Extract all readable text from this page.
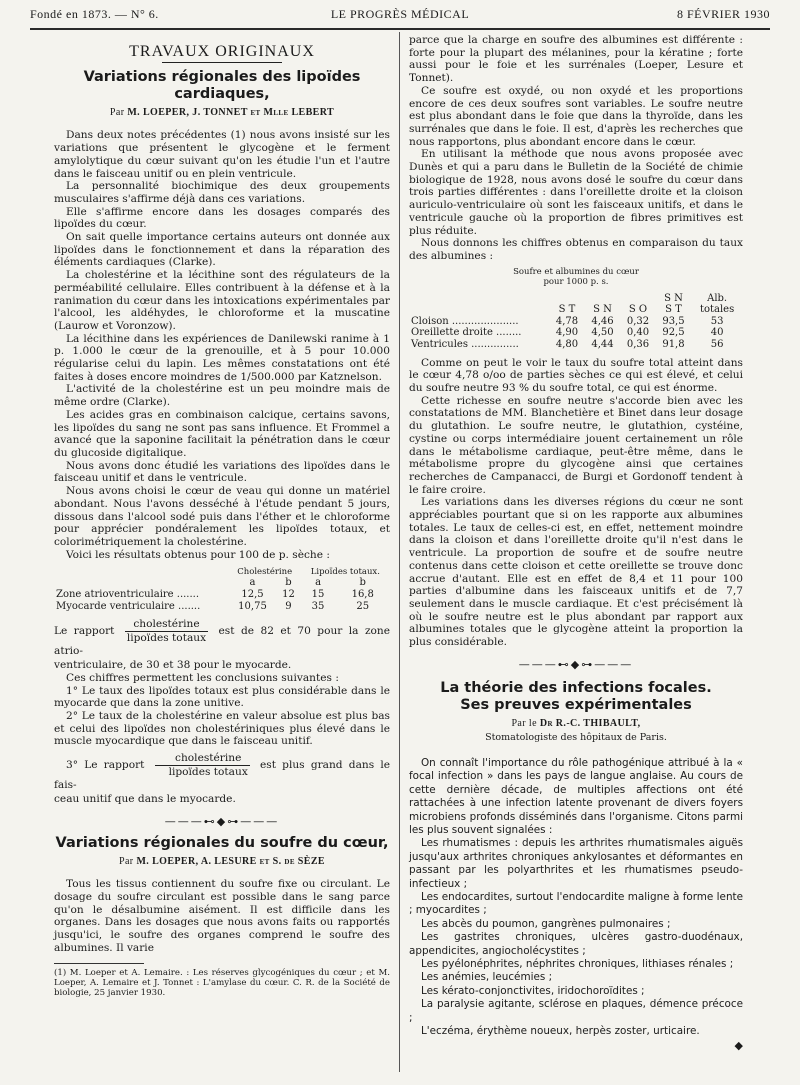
Fondé en 1873. — N° 6.	LE PROGRÈS MÉDICAL	8 FÉVRIER 1930
TRAVAUX ORIGINAUX
Variations régionales des lipoïdes cardiaques,
Par M. LOEPER, J. TONNET et Mlle LEBERT

Dans deux notes précédentes (1) nous avons insisté sur les variations que présentent le glycogène et le ferment amylolytique du cœur suivant qu'on les étudie l'un et l'autre dans le faisceau unitif ou en plein ventricule.

La personnalité biochimique des deux groupements musculaires s'affirme déjà dans ces variations.

Elle s'affirme encore dans les dosages comparés des lipoïdes du cœur.

On sait quelle importance certains auteurs ont donnée aux lipoïdes dans le fonctionnement et dans la réparation des éléments cardiaques (Clarke).

La cholestérine et la lécithine sont des régulateurs de la perméabilité cellulaire. Elles contribuent à la défense et à la ranimation du cœur dans les intoxications expérimentales par l'alcool, les aldéhydes, le chloroforme et la muscatine (Laurow et Voronzow).

La lécithine dans les expériences de Danilewski ranime à 1 p. 1.000 le cœur de la grenouille, et à 5 pour 10.000 régularise celui du lapin. Les mêmes constatations ont été faites à doses encore moindres de 1/500.000 par Katznelson.

L'activité de la cholestérine est un peu moindre mais de même ordre (Clarke).

Les acides gras en combinaison calcique, certains savons, les lipoïdes du sang ne sont pas sans influence. Et Frommel a avancé que la saponine facilitait la pénétration dans le cœur du glucoside digitalique.

Nous avons donc étudié les variations des lipoïdes dans le faisceau unitif et dans le ventricule.

Nous avons choisi le cœur de veau qui donne un matériel abondant. Nous l'avons desséché à l'étude pendant 5 jours, dissous dans l'alcool sodé puis dans l'éther et le chloroforme pour apprécier pondéralement les lipoïdes totaux, et colorimétriquement la cholestérine.

Voici les résultats obtenus pour 100 de p. sèche :

	Cholestérine		Lipoïdes totaux.	
	a	b	a	b
Zone atrioventriculaire .......	12,5	12	15	16,8
Myocarde ventriculaire .......	10,75	9	35	25

Le rapport $\frac{\text{cholestérine}}{\text{lipoïdes totaux}}$ est de 82 et 70 pour la zone atrio-

ventriculaire, de 30 et 38 pour le myocarde.

Ces chiffres permettent les conclusions suivantes :

1° Le taux des lipoïdes totaux est plus considérable dans le myocarde que dans la zone unitive.

2° Le taux de la cholestérine en valeur absolue est plus bas et celui des lipoïdes non cholestériniques plus élevé dans le muscle myocardique que dans le faisceau unitif.

3° Le rapport $\frac{\text{cholestérine}}{\text{lipoïdes totaux}}$ est plus grand dans le fais-

ceau unitif que dans le myocarde.

———⊷◆⊶———
Variations régionales du soufre du cœur,
Par M. LOEPER, A. LESURE et S. de SÈZE

Tous les tissus contiennent du soufre fixe ou circulant. Le dosage du soufre circulant est possible dans le sang parce qu'on le désalbumine aisément. Il est difficile dans les organes. Dans les dosages que nous avons faits ou rapportés jusqu'ici, le soufre des organes comprend le soufre des albumines. Il varie

(1) M. Loeper et A. Lemaire. : Les réserves glycogéniques du cœur ; et M. Loeper, A. Lemaire et J. Tonnet : L'amylase du cœur. C. R. de la Société de biologie, 25 janvier 1930.

parce que la charge en soufre des albumines est différente : forte pour la plupart des mélanines, pour la kératine ; forte aussi pour le foie et les surrénales (Loeper, Lesure et Tonnet).

Ce soufre est oxydé, ou non oxydé et les proportions encore de ces deux soufres sont variables. Le soufre neutre est plus abondant dans le foie que dans la thyroïde, dans les surrénales que dans le foie. Il est, d'après les recherches que nous rapportons, plus abondant encore dans le cœur.

En utilisant la méthode que nous avons proposée avec Dunès et qui a paru dans le Bulletin de la Société de chimie biologique de 1928, nous avons dosé le soufre du cœur dans trois parties différentes : dans l'oreillette droite et la cloison auriculo-ventriculaire où sont les faisceaux unitifs, et dans le ventricule gauche où la proportion de fibres primitives est plus réduite.

Nous donnons les chiffres obtenus en comparaison du taux des albumines :

Soufre et albumines du cœur
pour 1000 p. s.
				S N	Alb.
	S T	S N	S O	S T	totales
Cloison .....................	4,78	4,46	0,32	93,5	53
Oreillette droite ........	4,90	4,50	0,40	92,5	40
Ventricules ...............	4,80	4,44	0,36	91,8	56

Comme on peut le voir le taux du soufre total atteint dans le cœur 4,78 o/oo de parties sèches ce qui est élevé, et celui du soufre neutre 93 % du soufre total, ce qui est énorme.

Cette richesse en soufre neutre s'accorde bien avec les constatations de MM. Blanchetière et Binet dans leur dosage du glutathion. Le soufre neutre, le glutathion, cystéine, cystine ou corps intermédiaire jouent certainement un rôle dans le métabolisme cardiaque, peut-être même, dans le métabolisme propre du glycogène ainsi que certaines recherches de Campanacci, de Burgi et Gordonoff tendent à le faire croire.

Les variations dans les diverses régions du cœur ne sont appréciables pourtant que si on les rapporte aux albumines totales. Le taux de celles-ci est, en effet, nettement moindre dans la cloison et dans l'oreillette droite qu'il n'est dans le ventricule. La proportion de soufre et de soufre neutre contenus dans cette cloison et cette oreillette se trouve donc accrue d'autant. Elle est en effet de 8,4 et 11 pour 100 parties d'albumine dans les faisceaux unitifs et de 7,7 seulement dans le muscle cardiaque. Et c'est précisément là où le soufre neutre est le plus abondant par rapport aux albumines totales que le glycogène atteint la proportion la plus considérable.

———⊷◆⊶———
La théorie des infections focales.
Ses preuves expérimentales
Par le Dr R.-C. THIBAULT,
Stomatologiste des hôpitaux de Paris.

On connaît l'importance du rôle pathogénique attribué à la « focal infection » dans les pays de langue anglaise. Au cours de cette dernière décade, de multiples affections ont été rattachées à une infection latente provenant de divers foyers microbiens profonds disséminés dans l'organisme. Citons parmi les plus souvent signalées :

Les rhumatismes : depuis les arthrites rhumatismales aiguës jusqu'aux arthrites chroniques ankylosantes et déformantes en passant par les polyarthrites et les rhumatismes pseudo-infectieux ;

Les endocardites, surtout l'endocardite maligne à forme lente ; myocardites ;

Les abcès du poumon, gangrènes pulmonaires ;

Les gastrites chroniques, ulcères gastro-duodénaux, appendicites, angiocholécystites ;

Les pyélonéphrites, néphrites chroniques, lithiases rénales ;

Les anémies, leucémies ;

Les kérato-conjonctivites, iridochoroïdites ;

La paralysie agitante, sclérose en plaques, démence précoce ;

L'eczéma, érythème noueux, herpès zoster, urticaire.

◆
